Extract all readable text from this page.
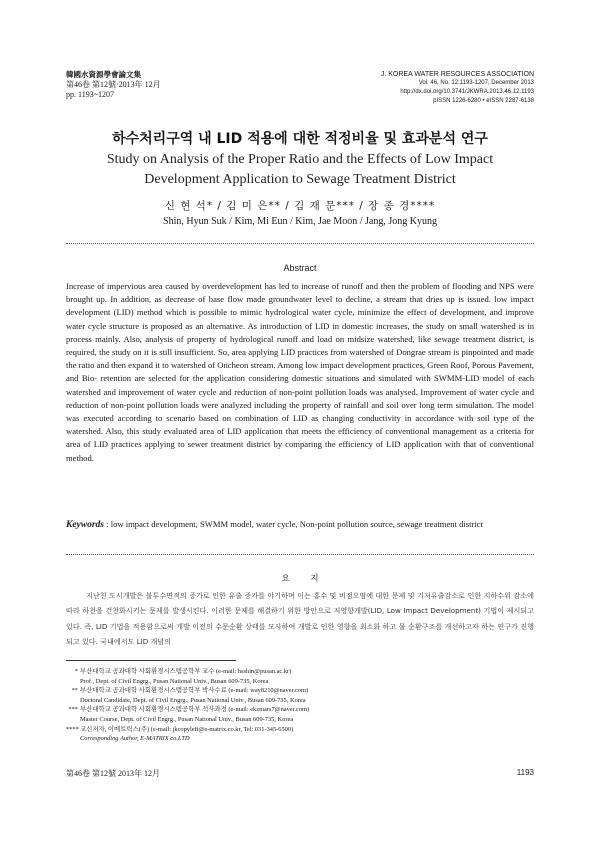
韓國水資源學會論文集
第46卷 第12號·2013年 12月
pp. 1193~1207
J. KOREA WATER RESOURCES ASSOCIATION
Vol. 46, No. 12:1193-1207, December 2013
http://dx.doi.org/10.3741/JKWRA.2013.46.12.1193
pISSN 1226-6280 • eISSN 2287-6138
하수처리구역 내 LID 적용에 대한 적정비율 및 효과분석 연구
Study on Analysis of the Proper Ratio and the Effects of Low Impact
Development Application to Sewage Treatment District
신 현 석* / 김 미 은** / 김 재 문*** / 장 종 경****
Shin, Hyun Suk / Kim, Mi Eun / Kim, Jae Moon / Jang, Jong Kyung
Abstract
Increase of impervious area caused by overdevelopment has led to increase of runoff and then the problem of flooding and NPS were brought up. In addition, as decrease of base flow made groundwater level to decline, a stream that dries up is issued. low impact development (LID) method which is possible to mimic hydrological water cycle, minimize the effect of development, and improve water cycle structure is proposed as an alternative. As introduction of LID in domestic increases, the study on small watershed is in process mainly. Also, analysis of property of hydrological runoff and load on midsize watershed, like sewage treatment district, is required, the study on it is still insufficient. So, area applying LID practices from watershed of Dongrae stream is pinpointed and made the ratio and then expand it to watershed of Oncheon stream. Among low impact development practices, Green Roof, Porous Pavement, and Bio- retention are selected for the application considering domestic situations and simulated with SWMM-LID model of each watershed and improvement of water cycle and reduction of non-point pollution loads was analysed. Improvement of water cycle and reduction of non-point pollution loads were analyzed including the property of rainfall and soil over long term simulation. The model was executed according to scenario based on combination of LID as changing conductivity in accordance with soil type of the watershed. Also, this study evaluated area of LID application that meets the efficiency of conventional management as a criteria for area of LID practices applying to sewer treatment district by comparing the efficiency of LID application with that of conventional method.
Keywords : low impact development, SWMM model, water cycle, Non-point pollution source, sewage treatment district
요 지
지난친 도시개발은 불투수면적의 증가로 인한 유출 증가를 야기하며 이는 홍수 및 비점오염에 대한 문제 및 기저유출감소로 인한 지하수위 감소에 따라 하천을 건천화시키는 문제를 발생시킨다. 이러한 문제를 해결하기 위한 방안으로 저영향개발(LID, Low Impact Development) 기법이 제시되고 있다. 즉, LID 기법을 적용함으로써 개발 이전의 수문순환 상태를 모사하여 개발로 인한 영향을 최소화 하고 물 순환구조를 개선하고자 하는 연구가 진행되고 있다. 국내에서도 LID 개념의
* 부산대학교 공과대학 사회환경시스템공학부 교수 (e-mail: hsshin@pusan.ac.kr)
Prof., Dept. of Civil Engrg., Pusan National Univ., Busan 609-735, Korea
** 부산대학교 공과대학 사회환경시스템공학부 박사수료 (e-mail: way8210@naver.com)
Doctoral Candidate, Dept. of Civil Engrg., Pusan National Univ., Busan 609-735, Korea
*** 부산대학교 공과대학 사회환경시스템공학부 석사과정 (e-mail: ekzmars7@naver.com)
Master Course, Dept. of Civil Engrg., Pusan National Univ., Busan 609-735, Korea
**** 교신저자, 이메트릭스(주) (e-mail: jkcopyleft@e-matrix.co.kr, Tel: 031-345-6500)
Corresponding Author, E-MATRIX co.LTD
第46卷 第12號 2013年 12月	1193
